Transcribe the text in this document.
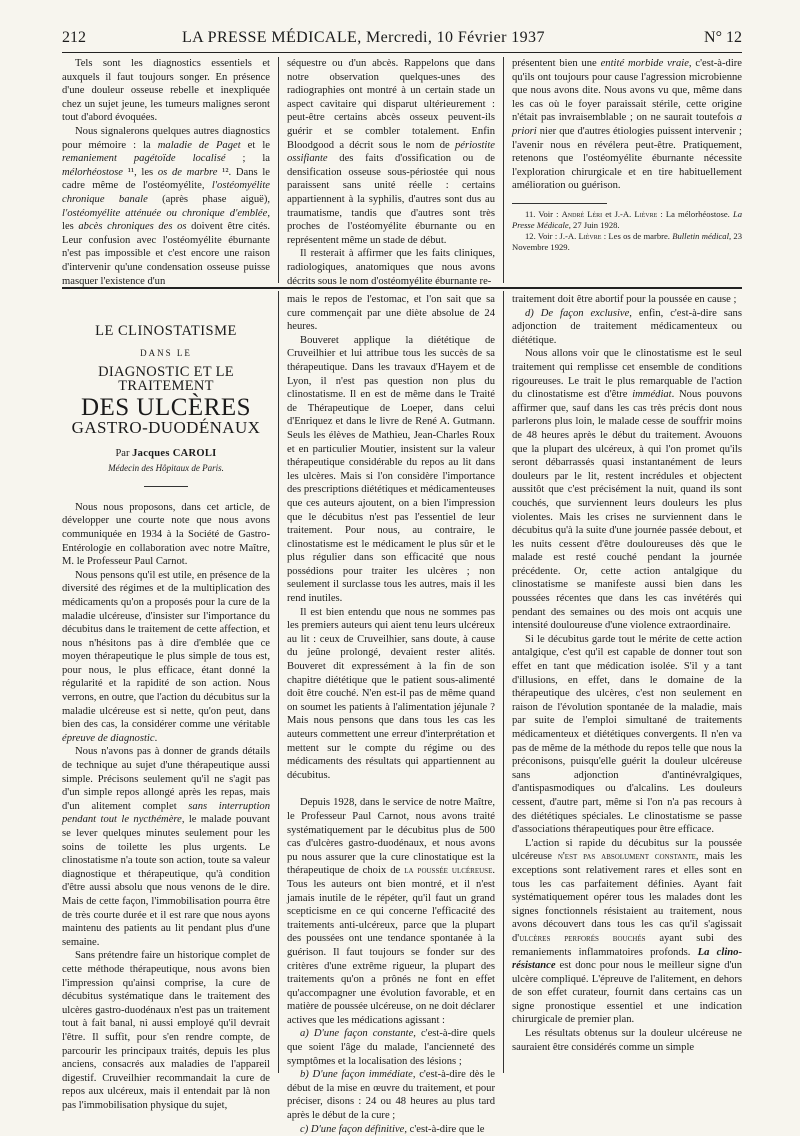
212	LA PRESSE MÉDICALE, Mercredi, 10 Février 1937	N° 12

Tels sont les diagnostics essentiels et auxquels il faut toujours songer. En présence d'une douleur osseuse rebelle et inexpliquée chez un sujet jeune, les tumeurs malignes seront tout d'abord évoquées.

Nous signalerons quelques autres diagnostics pour mémoire : la maladie de Paget et le remaniement pagétoïde localisé ; la mélorhéostose ¹¹, les os de marbre ¹². Dans le cadre même de l'ostéomyélite, l'ostéomyélite chronique banale (après phase aiguë), l'ostéomyélite atténuée ou chronique d'emblée, les abcès chroniques des os doivent être cités. Leur confusion avec l'ostéomyélite éburnante n'est pas impossible et c'est encore une raison d'intervenir qu'une condensation osseuse puisse masquer l'existence d'un

séquestre ou d'un abcès. Rappelons que dans notre observation quelques-unes des radiographies ont montré à un certain stade un aspect cavitaire qui disparut ultérieurement : peut-être certains abcès osseux peuvent-ils guérir et se combler totalement. Enfin Bloodgood a décrit sous le nom de périostite ossifiante des faits d'ossification ou de densification osseuse sous-périostée qui nous paraissent sans unité réelle : certains appartiennent à la syphilis, d'autres sont dus au traumatisme, tandis que d'autres sont très proches de l'ostéomyélite éburnante ou en représentent même un stade de début.

Il resterait à affirmer que les faits cliniques, radiologiques, anatomiques que nous avons décrits sous le nom d'ostéomyélite éburnante re-

présentent bien une entité morbide vraie, c'est-à-dire qu'ils ont toujours pour cause l'agression microbienne que nous avons dite. Nous avons vu que, même dans les cas où le foyer paraissait stérile, cette origine n'était pas invraisemblable ; on ne saurait toutefois a priori nier que d'autres étiologies puissent intervenir ; l'avenir nous en révélera peut-être. Pratiquement, retenons que l'ostéomyélite éburnante nécessite l'exploration chirurgicale et en tire habituellement amélioration ou guérison.

11. Voir : André Léri et J.-A. Lièvre : La mélorhéostose. La Presse Médicale, 27 Juin 1928.

12. Voir : J.-A. Lièvre : Les os de marbre. Bulletin médical, 23 Novembre 1929.

LE CLINOSTATISME
DANS LE
DIAGNOSTIC ET LE TRAITEMENT
DES ULCÈRES
GASTRO-DUODÉNAUX
Par Jacques CAROLI
Médecin des Hôpitaux de Paris.

Nous nous proposons, dans cet article, de développer une courte note que nous avons communiquée en 1934 à la Société de Gastro-Entérologie en collaboration avec notre Maître, M. le Professeur Paul Carnot.

Nous pensons qu'il est utile, en présence de la diversité des régimes et de la multiplication des médicaments qu'on a proposés pour la cure de la maladie ulcéreuse, d'insister sur l'importance du décubitus dans le traitement de cette affection, et nous n'hésitons pas à dire d'emblée que ce moyen thérapeutique le plus simple de tous est, pour nous, le plus efficace, étant donné la régularité et la rapidité de son action. Nous verrons, en outre, que l'action du décubitus sur la maladie ulcéreuse est si nette, qu'on peut, dans bien des cas, la considérer comme une véritable épreuve de diagnostic.

Nous n'avons pas à donner de grands détails de technique au sujet d'une thérapeutique aussi simple. Précisons seulement qu'il ne s'agit pas d'un simple repos allongé après les repas, mais d'un alitement complet sans interruption pendant tout le nycthémère, le malade pouvant se lever quelques minutes seulement pour les soins de toilette les plus urgents. Le clinostatisme n'a toute son action, toute sa valeur diagnostique et thérapeutique, qu'à condition d'être aussi absolu que nous venons de le dire. Mais de cette façon, l'immobilisation pourra être de très courte durée et il est rare que nous ayons maintenu des patients au lit pendant plus d'une semaine.

Sans prétendre faire un historique complet de cette méthode thérapeutique, nous avons bien l'impression qu'ainsi comprise, la cure de décubitus systématique dans le traitement des ulcères gastro-duodénaux n'est pas un traitement tout à fait banal, ni aussi employé qu'il devrait l'être. Il suffit, pour s'en rendre compte, de parcourir les principaux traités, depuis les plus anciens, consacrés aux maladies de l'appareil digestif. Cruveilhier recommandait la cure de repos aux ulcéreux, mais il entendait par là non pas l'immobilisation physique du sujet,

mais le repos de l'estomac, et l'on sait que sa cure commençait par une diète absolue de 24 heures.

Bouveret applique la diététique de Cruveilhier et lui attribue tous les succès de sa thérapeutique. Dans les travaux d'Hayem et de Lyon, il n'est pas question non plus du clinostatisme. Il en est de même dans le Traité de Thérapeutique de Loeper, dans celui d'Enriquez et dans le livre de René A. Gutmann. Seuls les élèves de Mathieu, Jean-Charles Roux et en particulier Moutier, insistent sur la valeur thérapeutique considérable du repos au lit dans les ulcères. Mais si l'on considère l'importance des prescriptions diététiques et médicamenteuses que ces auteurs ajoutent, on a bien l'impression que le décubitus n'est pas l'essentiel de leur traitement. Pour nous, au contraire, le clinostatisme est le médicament le plus sûr et le plus régulier dans son efficacité que nous possédions pour traiter les ulcères ; non seulement il surclasse tous les autres, mais il les rend inutiles.

Il est bien entendu que nous ne sommes pas les premiers auteurs qui aient tenu leurs ulcéreux au lit : ceux de Cruveilhier, sans doute, à cause du jeûne prolongé, devaient rester alités. Bouveret dit expressément à la fin de son chapitre diététique que le patient sous-alimenté doit être couché. N'en est-il pas de même quand on soumet les patients à l'alimentation jéjunale ? Mais nous pensons que dans tous les cas les auteurs commettent une erreur d'interprétation et mettent sur le compte du régime ou des médicaments des résultats qui appartiennent au décubitus.

Depuis 1928, dans le service de notre Maître, le Professeur Paul Carnot, nous avons traité systématiquement par le décubitus plus de 500 cas d'ulcères gastro-duodénaux, et nous avons pu nous assurer que la cure clinostatique est la thérapeutique de choix de la poussée ulcéreuse. Tous les auteurs ont bien montré, et il n'est jamais inutile de le répéter, qu'il faut un grand scepticisme en ce qui concerne l'efficacité des traitements anti-ulcéreux, parce que la plupart des poussées ont une tendance spontanée à la guérison. Il faut toujours se fonder sur des critères d'une extrême rigueur, la plupart des traitements qu'on a prônés ne font en effet qu'accompagner une évolution favorable, et en matière de poussée ulcéreuse, on ne doit déclarer actives que les médications agissant :

a) D'une façon constante, c'est-à-dire quels que soient l'âge du malade, l'ancienneté des symptômes et la localisation des lésions ;

b) D'une façon immédiate, c'est-à-dire dès le début de la mise en œuvre du traitement, et pour préciser, disons : 24 ou 48 heures au plus tard après le début de la cure ;

c) D'une façon définitive, c'est-à-dire que le

traitement doit être abortif pour la poussée en cause ;

d) De façon exclusive, enfin, c'est-à-dire sans adjonction de traitement médicamenteux ou diététique.

Nous allons voir que le clinostatisme est le seul traitement qui remplisse cet ensemble de conditions rigoureuses. Le trait le plus remarquable de l'action du clinostatisme est d'être immédiat. Nous pouvons affirmer que, sauf dans les cas très précis dont nous parlerons plus loin, le malade cesse de souffrir moins de 48 heures après le début du traitement. Avouons que la plupart des ulcéreux, à qui l'on promet qu'ils seront débarrassés quasi instantanément de leurs douleurs par le lit, restent incrédules et objectent aussitôt que c'est précisément la nuit, quand ils sont couchés, que surviennent leurs douleurs les plus violentes. Mais les crises ne surviennent dans le décubitus qu'à la suite d'une journée passée debout, et les nuits cessent d'être douloureuses dès que le malade est resté couché pendant la journée précédente. Or, cette action antalgique du clinostatisme se manifeste aussi bien dans les poussées récentes que dans les cas invétérés qui pendant des semaines ou des mois ont acquis une intensité douloureuse d'une violence extraordinaire.

Si le décubitus garde tout le mérite de cette action antalgique, c'est qu'il est capable de donner tout son effet en tant que médication isolée. S'il y a tant d'illusions, en effet, dans le domaine de la thérapeutique des ulcères, c'est non seulement en raison de l'évolution spontanée de la maladie, mais par suite de l'emploi simultané de traitements médicamenteux et diététiques convergents. Il n'en va pas de même de la méthode du repos telle que nous la préconisons, puisqu'elle guérit la douleur ulcéreuse sans adjonction d'antinévralgiques, d'antispasmodiques ou d'alcalins. Les douleurs cessent, d'autre part, même si l'on n'a pas recours à des diététiques spéciales. Le clinostatisme se passe d'associations thérapeutiques pour être efficace.

L'action si rapide du décubitus sur la poussée ulcéreuse n'est pas absolument constante, mais les exceptions sont relativement rares et elles sont en tous les cas parfaitement définies. Ayant fait systématiquement opérer tous les malades dont les signes fonctionnels résistaient au traitement, nous avons découvert dans tous les cas qu'il s'agissait d'ulcères perforés bouchés ayant subi des remaniements inflammatoires profonds. La clino-résistance est donc pour nous le meilleur signe d'un ulcère compliqué. L'épreuve de l'alitement, en dehors de son effet curateur, fournit dans certains cas un signe pronostique essentiel et une indication chirurgicale de premier plan.

Les résultats obtenus sur la douleur ulcéreuse ne sauraient être considérés comme un simple
